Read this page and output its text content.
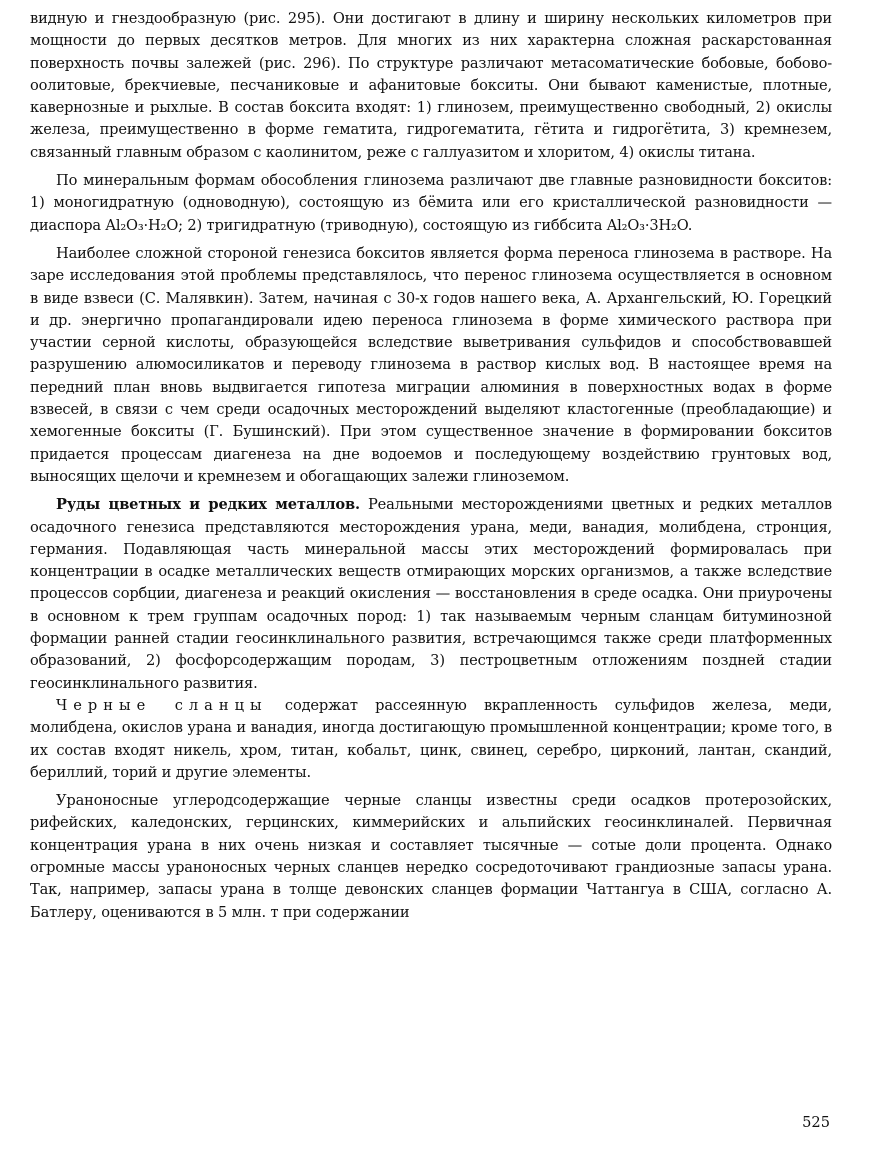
видную и гнездообразную (рис. 295). Они достигают в длину и ширину нескольких километров при мощности до первых десятков метров. Для многих из них характерна сложная раскарстованная поверхность почвы залежей (рис. 296). По структуре различают метасоматические бобовые, бобово-оолитовые, брекчиевые, песчаниковые и афанитовые бокситы. Они бывают каменистые, плотные, кавернозные и рыхлые. В состав боксита входят: 1) глинозем, преимущественно свободный, 2) окислы железа, преимущественно в форме гематита, гидрогематита, гётита и гидрогётита, 3) кремнезем, связанный главным образом с каолинитом, реже с галлуазитом и хлоритом, 4) окислы титана.

По минеральным формам обособления глинозема различают две главные разновидности бокситов: 1) моногидратную (одноводную), состоящую из бёмита или его кристаллической разновидности — диаспора Al₂O₃·H₂O; 2) тригидратную (триводную), состоящую из гиббсита Al₂O₃·3H₂O.

Наиболее сложной стороной генезиса бокситов является форма переноса глинозема в растворе. На заре исследования этой проблемы представлялось, что перенос глинозема осуществляется в основном в виде взвеси (С. Малявкин). Затем, начиная с 30-х годов нашего века, А. Архангельский, Ю. Горецкий и др. энергично пропагандировали идею переноса глинозема в форме химического раствора при участии серной кислоты, образующейся вследствие выветривания сульфидов и способствовавшей разрушению алюмосиликатов и переводу глинозема в раствор кислых вод. В настоящее время на передний план вновь выдвигается гипотеза миграции алюминия в поверхностных водах в форме взвесей, в связи с чем среди осадочных месторождений выделяют кластогенные (преобладающие) и хемогенные бокситы (Г. Бушинский). При этом существенное значение в формировании бокситов придается процессам диагенеза на дне водоемов и последующему воздействию грунтовых вод, выносящих щелочи и кремнезем и обогащающих залежи глиноземом.

Руды цветных и редких металлов. Реальными месторождениями цветных и редких металлов осадочного генезиса представляются месторождения урана, меди, ванадия, молибдена, стронция, германия. Подавляющая часть минеральной массы этих месторождений формировалась при концентрации в осадке металлических веществ отмирающих морских организмов, а также вследствие процессов сорбции, диагенеза и реакций окисления — восстановления в среде осадка. Они приурочены в основном к трем группам осадочных пород: 1) так называемым черным сланцам битуминозной формации ранней стадии геосинклинального развития, встречающимся также среди платформенных образований, 2) фосфорсодержащим породам, 3) пестроцветным отложениям поздней стадии геосинклинального развития.

Черные сланцы содержат рассеянную вкрапленность сульфидов железа, меди, молибдена, окислов урана и ванадия, иногда достигающую промышленной концентрации; кроме того, в их состав входят никель, хром, титан, кобальт, цинк, свинец, серебро, цирконий, лантан, скандий, бериллий, торий и другие элементы.

Ураноносные углеродсодержащие черные сланцы известны среди осадков протерозойских, рифейских, каледонских, герцинских, киммерийских и альпийских геосинклиналей. Первичная концентрация урана в них очень низкая и составляет тысячные — сотые доли процента. Однако огромные массы ураноносных черных сланцев нередко сосредоточивают грандиозные запасы урана. Так, например, запасы урана в толще девонских сланцев формации Чаттангуа в США, согласно А. Батлеру, оцениваются в 5 млн. т при содержании

525
